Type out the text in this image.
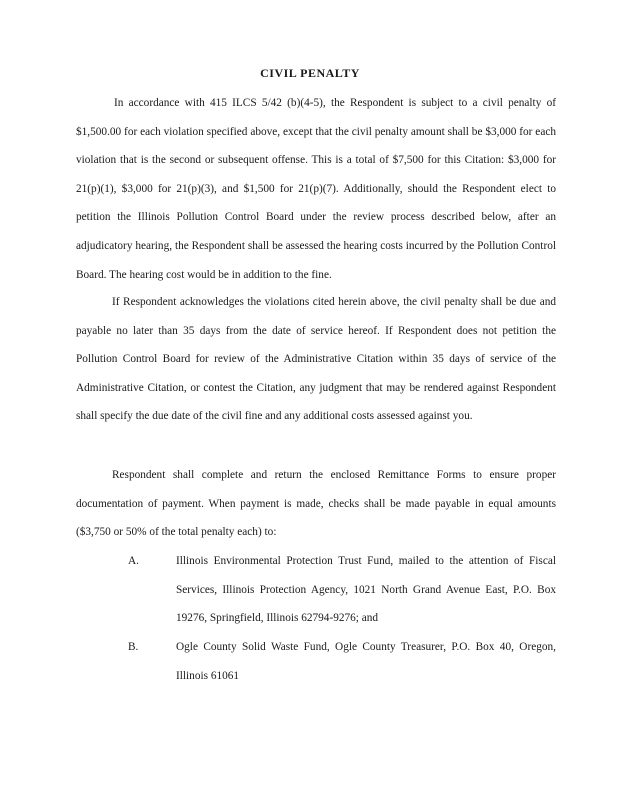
CIVIL PENALTY

In accordance with 415 ILCS 5/42 (b)(4-5), the Respondent is subject to a civil penalty of $1,500.00 for each violation specified above, except that the civil penalty amount shall be $3,000 for each violation that is the second or subsequent offense. This is a total of $7,500 for this Citation: $3,000 for 21(p)(1), $3,000 for 21(p)(3), and $1,500 for 21(p)(7). Additionally, should the Respondent elect to petition the Illinois Pollution Control Board under the review process described below, after an adjudicatory hearing, the Respondent shall be assessed the hearing costs incurred by the Pollution Control Board. The hearing cost would be in addition to the fine.

If Respondent acknowledges the violations cited herein above, the civil penalty shall be due and payable no later than 35 days from the date of service hereof. If Respondent does not petition the Pollution Control Board for review of the Administrative Citation within 35 days of service of the Administrative Citation, or contest the Citation, any judgment that may be rendered against Respondent shall specify the due date of the civil fine and any additional costs assessed against you.

Respondent shall complete and return the enclosed Remittance Forms to ensure proper documentation of payment. When payment is made, checks shall be made payable in equal amounts ($3,750 or 50% of the total penalty each) to:

A.	Illinois Environmental Protection Trust Fund, mailed to the attention of Fiscal Services, Illinois Protection Agency, 1021 North Grand Avenue East, P.O. Box 19276, Springfield, Illinois 62794-9276; and
B.	Ogle County Solid Waste Fund, Ogle County Treasurer, P.O. Box 40, Oregon, Illinois 61061
